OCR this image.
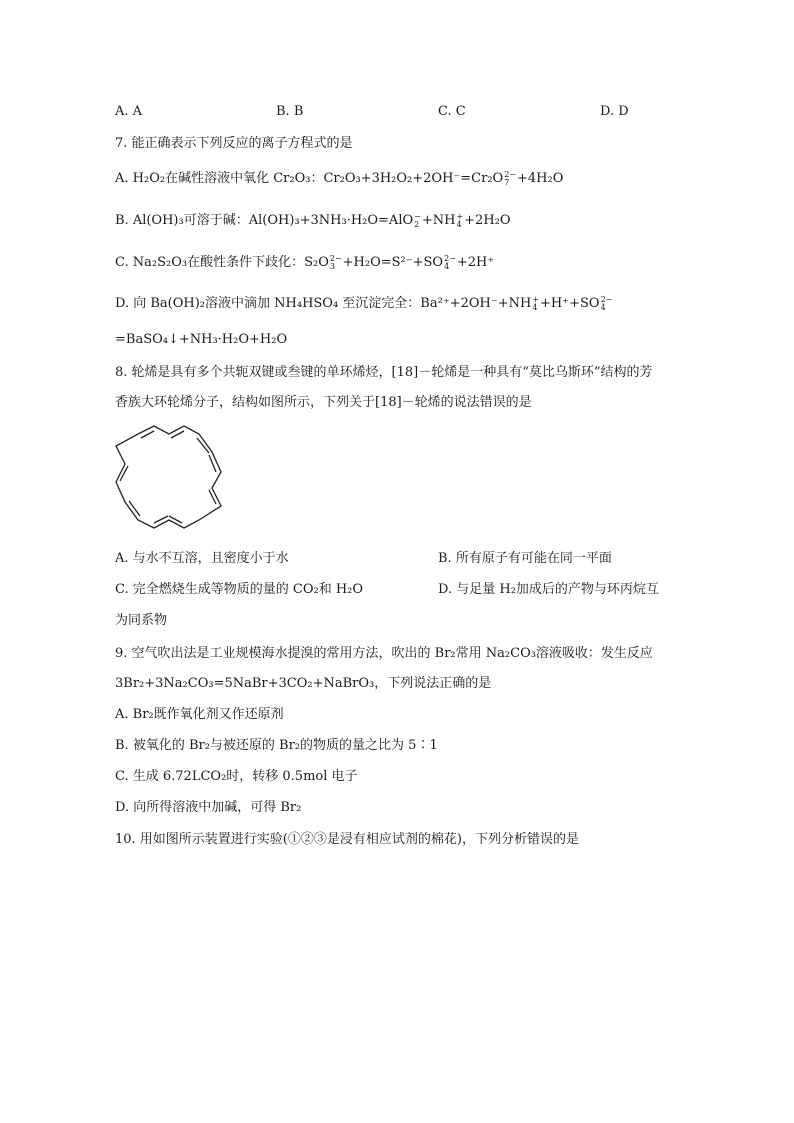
A. A	B. B	C. C	D. D
7. 能正确表示下列反应的离子方程式的是
A. H₂O₂在碱性溶液中氧化 Cr₂O₃：Cr₂O₃+3H₂O₂+2OH⁻=Cr₂O 2−
7 +4H₂O
B. Al(OH)₃可溶于碱：Al(OH)₃+3NH₃·H₂O=AlO −
2 +NH +
4 +2H₂O
C. Na₂S₂O₃在酸性条件下歧化：S₂O 2−
3 +H₂O=S²⁻+SO 2−
4 +2H⁺
D. 向 Ba(OH)₂溶液中滴加 NH₄HSO₄ 至沉淀完全：Ba²⁺+2OH⁻+NH +
4 +H⁺+SO 2−
4
=BaSO₄↓+NH₃·H₂O+H₂O
8. 轮烯是具有多个共轭双键或叁键的单环烯烃，[18]－轮烯是一种具有“莫比乌斯环”结构的芳
香族大环轮烯分子，结构如图所示，下列关于[18]－轮烯的说法错误的是
A. 与水不互溶，且密度小于水	B. 所有原子有可能在同一平面
C. 完全燃烧生成等物质的量的 CO₂和 H₂O	D. 与足量 H₂加成后的产物与环丙烷互
为同系物
9. 空气吹出法是工业规模海水提溴的常用方法，吹出的 Br₂常用 Na₂CO₃溶液吸收：发生反应
3Br₂+3Na₂CO₃=5NaBr+3CO₂+NaBrO₃，下列说法正确的是
A. Br₂既作氧化剂又作还原剂
B. 被氧化的 Br₂与被还原的 Br₂的物质的量之比为 5∶1
C. 生成 6.72LCO₂时，转移 0.5mol 电子
D. 向所得溶液中加碱，可得 Br₂
10. 用如图所示装置进行实验(①②③是浸有相应试剂的棉花)，下列分析错误的是
